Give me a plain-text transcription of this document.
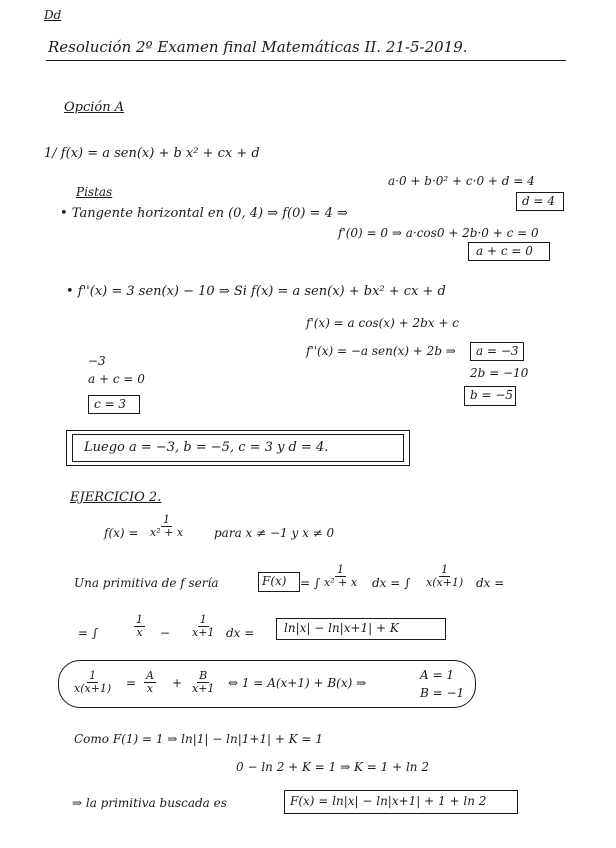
Dd
Resolución 2º Examen final Matemáticas II. 21-5-2019.
Opción A
1/ f(x) = a sen(x) + b x² + cx + d
Pistas
• Tangente horizontal en (0, 4) ⇒ f(0) = 4 ⇒
a·0 + b·0² + c·0 + d = 4
d = 4
f'(0) = 0 ⇒ a·cos0 + 2b·0 + c = 0
a + c = 0
• f''(x) = 3 sen(x) − 10 ⇒ Si f(x) = a sen(x) + bx² + cx + d
f'(x) = a cos(x) + 2bx + c
f''(x) = −a sen(x) + 2b ⇒ a = −3
2b = −10
b = −5
−3
a + c = 0
c = 3
Luego a = −3, b = −5, c = 3 y d = 4.
EJERCICIO 2.
$f(x) = \frac{1}{\text{x² + x}}$ para x ≠ −1 y x ≠ 0
Una primitiva de f sería	F(x) = ∫ $\frac{1}{\text{x² + x}}$ dx = ∫ $\frac{1}{x(x+1)}$ dx =
= ∫	$\frac{1}{x} - \frac{1}{x+1}$ dx = ln|x| − ln|x+1| + K
$\frac{1}{x(x+1)} = \frac{A}{x} + \frac{B}{x+1}$ ⇔ 1 = A(x+1) + B(x) ⇒
A = 1
B = −1
Como F(1) = 1 ⇒ ln|1| − ln|1+1| + K = 1
0 − ln 2 + K = 1 ⇒ K = 1 + ln 2
⇒ la primitiva buscada es	F(x) = ln|x| − ln|x+1| + 1 + ln 2
